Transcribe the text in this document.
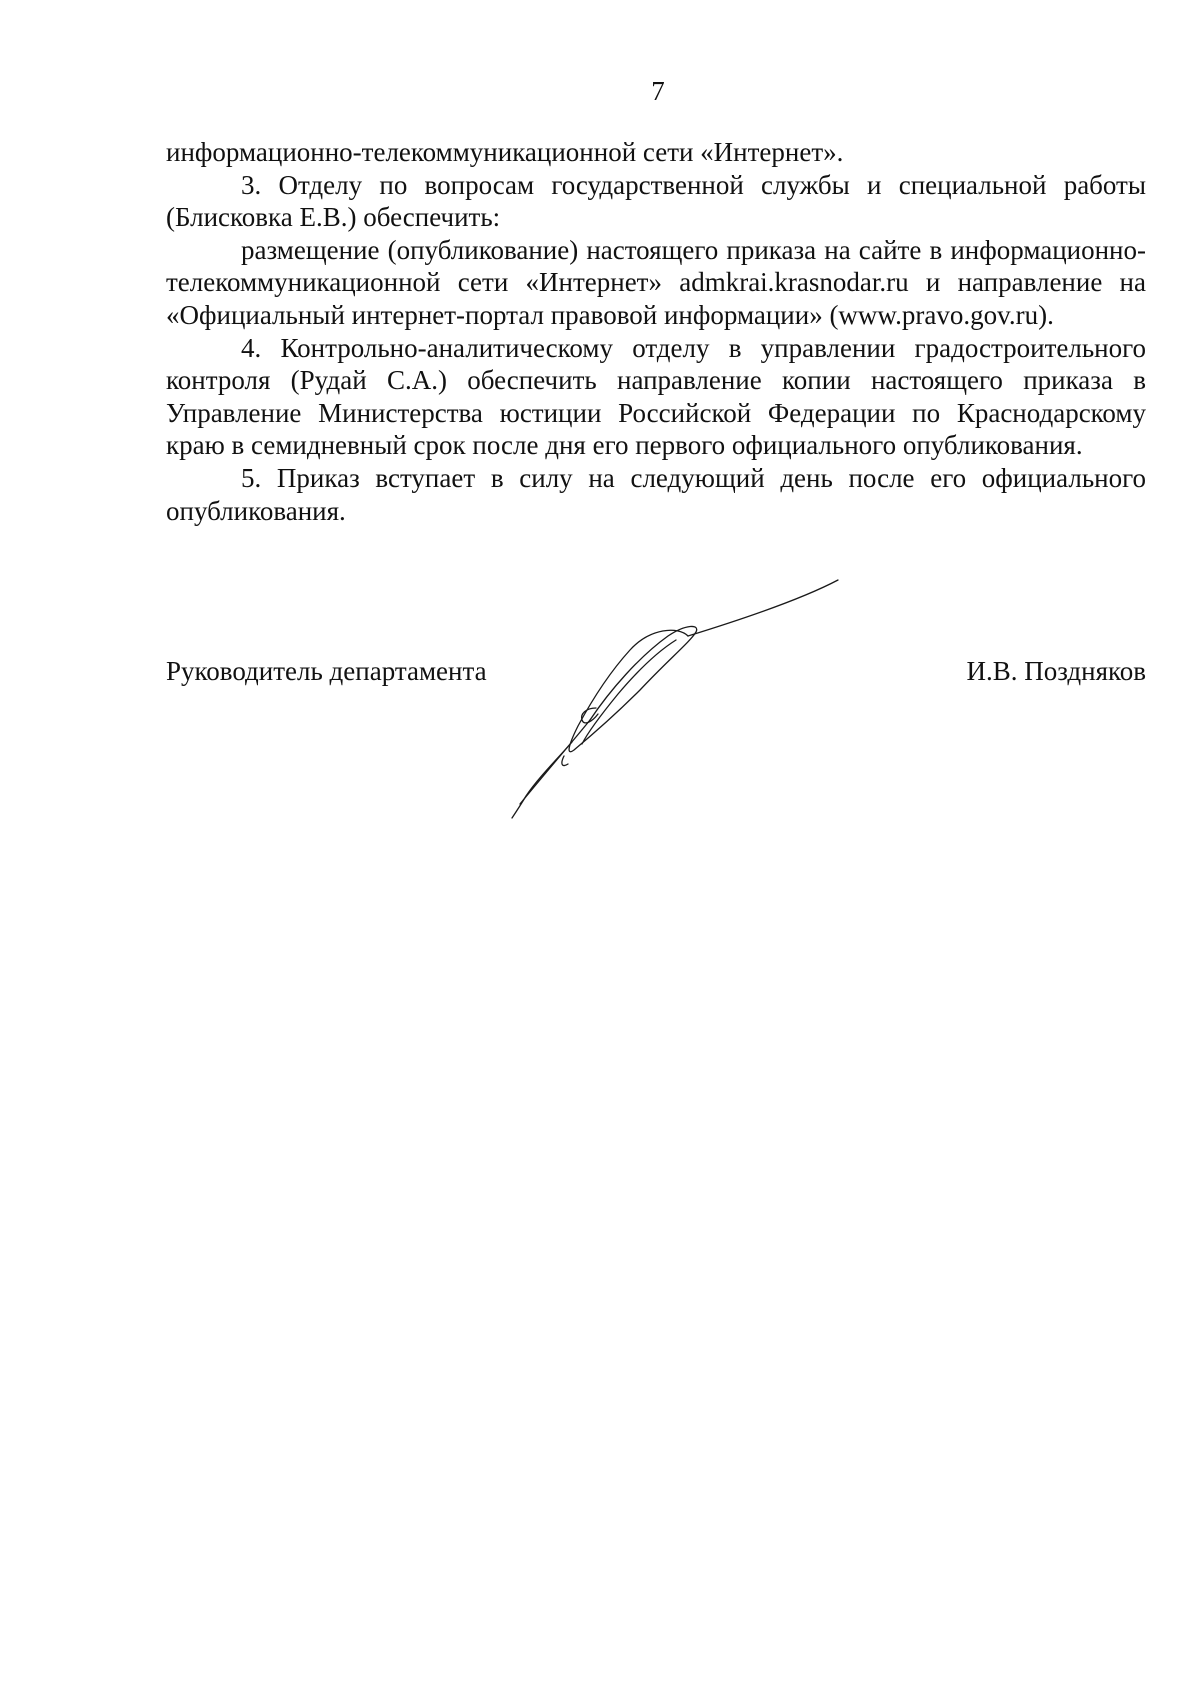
7

информационно-телекоммуникационной сети «Интернет».

3. Отделу по вопросам государственной службы и специальной работы (Блисковка Е.В.) обеспечить:

размещение (опубликование) настоящего приказа на сайте в информационно-телекоммуникационной сети «Интернет» admkrai.krasnodar.ru и направление на «Официальный интернет-портал правовой информации» (www.pravo.gov.ru).

4. Контрольно-аналитическому отделу в управлении градостроительного контроля (Рудай С.А.) обеспечить направление копии настоящего приказа в Управление Министерства юстиции Российской Федерации по Краснодарскому краю в семидневный срок после дня его первого официального опубликования.

5. Приказ вступает в силу на следующий день после его официального опубликования.

Руководитель департамента	И.В. Поздняков
